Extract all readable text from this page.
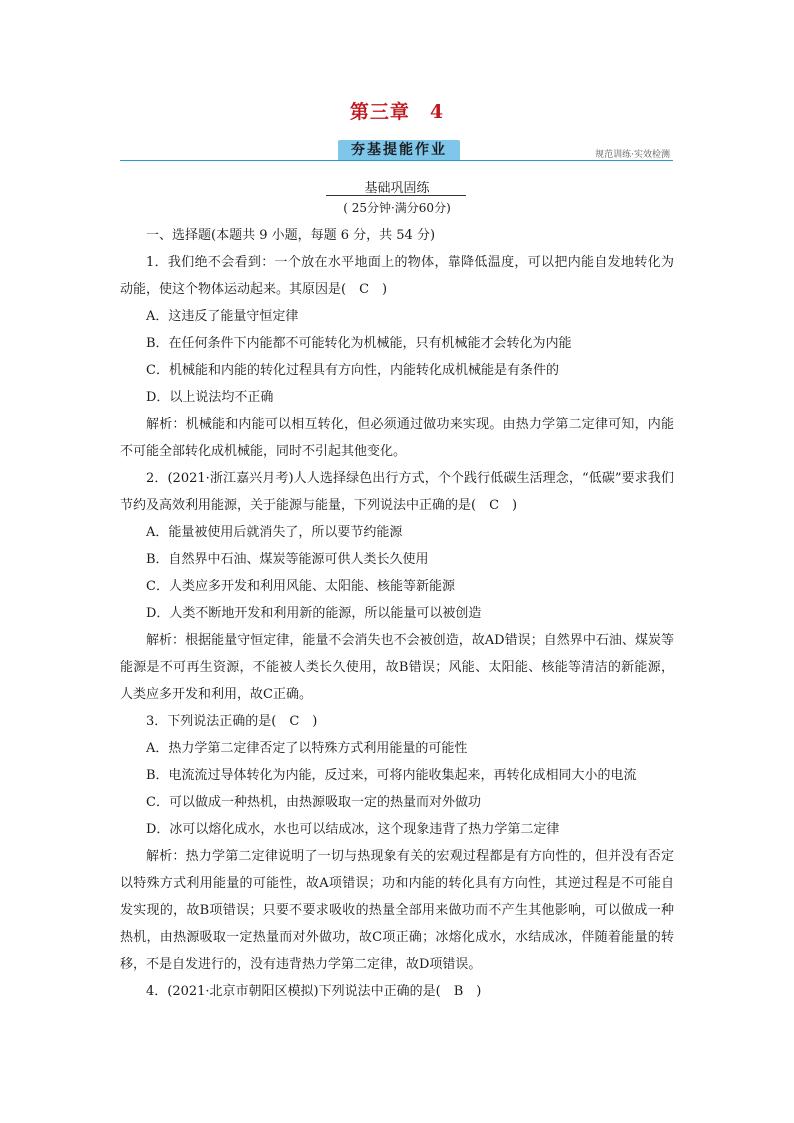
第三章　4
夯基提能作业	规范训练·实效检测
基础巩固练
( 25分钟·满分60分)

一、选择题(本题共 9 小题，每题 6 分，共 54 分)

1．我们绝不会看到：一个放在水平地面上的物体，靠降低温度，可以把内能自发地转化为动能，使这个物体运动起来。其原因是(　C　)

A．这违反了能量守恒定律

B．在任何条件下内能都不可能转化为机械能，只有机械能才会转化为内能

C．机械能和内能的转化过程具有方向性，内能转化成机械能是有条件的

D．以上说法均不正确

解析：机械能和内能可以相互转化，但必须通过做功来实现。由热力学第二定律可知，内能不可能全部转化成机械能，同时不引起其他变化。

2．(2021·浙江嘉兴月考)人人选择绿色出行方式，个个践行低碳生活理念，“低碳”要求我们节约及高效利用能源，关于能源与能量，下列说法中正确的是(　C　)

A．能量被使用后就消失了，所以要节约能源

B．自然界中石油、煤炭等能源可供人类长久使用

C．人类应多开发和利用风能、太阳能、核能等新能源

D．人类不断地开发和利用新的能源，所以能量可以被创造

解析：根据能量守恒定律，能量不会消失也不会被创造，故AD错误；自然界中石油、煤炭等能源是不可再生资源，不能被人类长久使用，故B错误；风能、太阳能、核能等清洁的新能源，人类应多开发和利用，故C正确。

3．下列说法正确的是(　C　)

A．热力学第二定律否定了以特殊方式利用能量的可能性

B．电流流过导体转化为内能，反过来，可将内能收集起来，再转化成相同大小的电流

C．可以做成一种热机，由热源吸取一定的热量而对外做功

D．冰可以熔化成水，水也可以结成冰，这个现象违背了热力学第二定律

解析：热力学第二定律说明了一切与热现象有关的宏观过程都是有方向性的，但并没有否定以特殊方式利用能量的可能性，故A项错误；功和内能的转化具有方向性，其逆过程是不可能自发实现的，故B项错误；只要不要求吸收的热量全部用来做功而不产生其他影响，可以做成一种热机，由热源吸取一定热量而对外做功，故C项正确；冰熔化成水，水结成冰，伴随着能量的转移，不是自发进行的，没有违背热力学第二定律，故D项错误。

4．(2021·北京市朝阳区模拟)下列说法中正确的是(　B　)
